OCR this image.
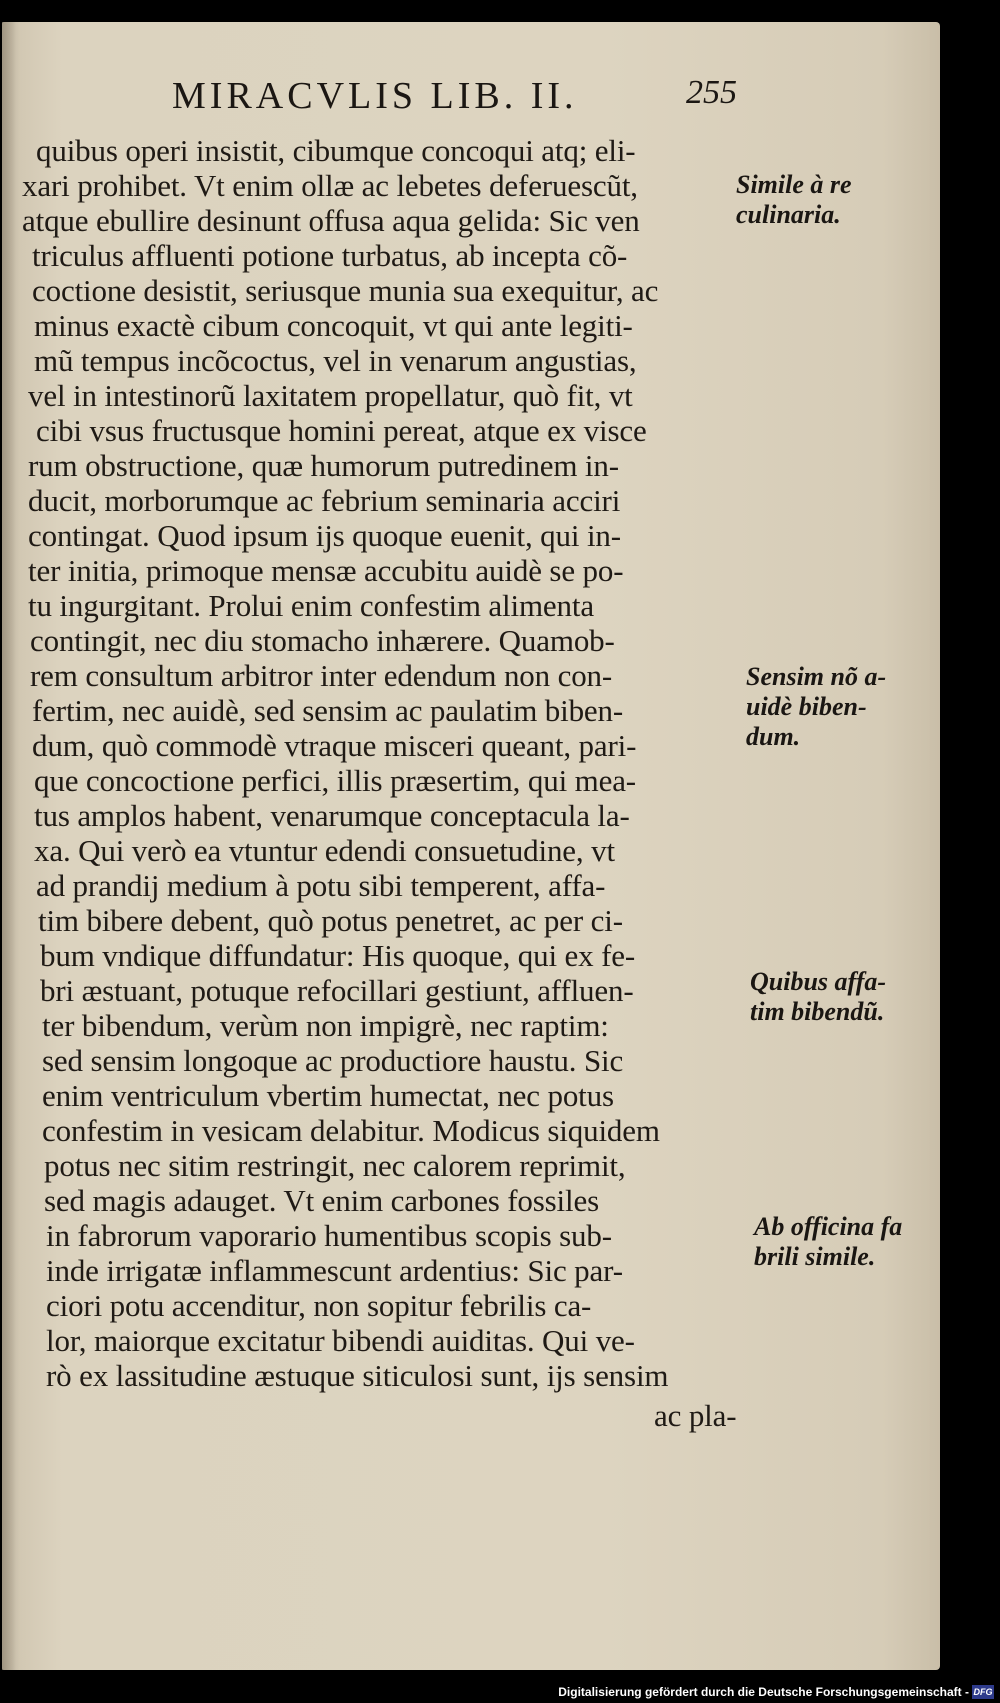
MIRACVLIS LIB. II.	255
quibus operi insistit, cibumque concoqui atq; eli-
xari prohibet. Vt enim ollæ ac lebetes deferuescũt,
atque ebullire desinunt offusa aqua gelida: Sic ven
triculus affluenti potione turbatus, ab incepta cõ-
coctione desistit, seriusque munia sua exequitur, ac
minus exactè cibum concoquit, vt qui ante legiti-
mũ tempus incõcoctus, vel in venarum angustias,
vel in intestinorũ laxitatem propellatur, quò fit, vt
cibi vsus fructusque homini pereat, atque ex visce
rum obstructione, quæ humorum putredinem in-
ducit, morborumque ac febrium seminaria acciri
contingat. Quod ipsum ijs quoque euenit, qui in-
ter initia, primoque mensæ accubitu auidè se po-
tu ingurgitant. Prolui enim confestim alimenta
contingit, nec diu stomacho inhærere. Quamob-
rem consultum arbitror inter edendum non con-
fertim, nec auidè, sed sensim ac paulatim biben-
dum, quò commodè vtraque misceri queant, pari-
que concoctione perfici, illis præsertim, qui mea-
tus amplos habent, venarumque conceptacula la-
xa. Qui verò ea vtuntur edendi consuetudine, vt
ad prandij medium à potu sibi temperent, affa-
tim bibere debent, quò potus penetret, ac per ci-
bum vndique diffundatur: His quoque, qui ex fe-
bri æstuant, potuque refocillari gestiunt, affluen-
ter bibendum, verùm non impigrè, nec raptim:
sed sensim longoque ac productiore haustu. Sic
enim ventriculum vbertim humectat, nec potus
confestim in vesicam delabitur. Modicus siquidem
potus nec sitim restringit, nec calorem reprimit,
sed magis adauget. Vt enim carbones fossiles
in fabrorum vaporario humentibus scopis sub-
inde irrigatæ inflammescunt ardentius: Sic par-
ciori potu accenditur, non sopitur febrilis ca-
lor, maiorque excitatur bibendi auiditas. Qui ve-
rò ex lassitudine æstuque siticulosi sunt, ijs sensim
ac pla-
Simile à re
culinaria.
Sensim nõ a-
uidè biben-
dum.
Quibus affa-
tim bibendũ.
Ab officina fa
brili simile.
Digitalisierung gefördert durch die Deutsche Forschungsgemeinschaft - DFG
